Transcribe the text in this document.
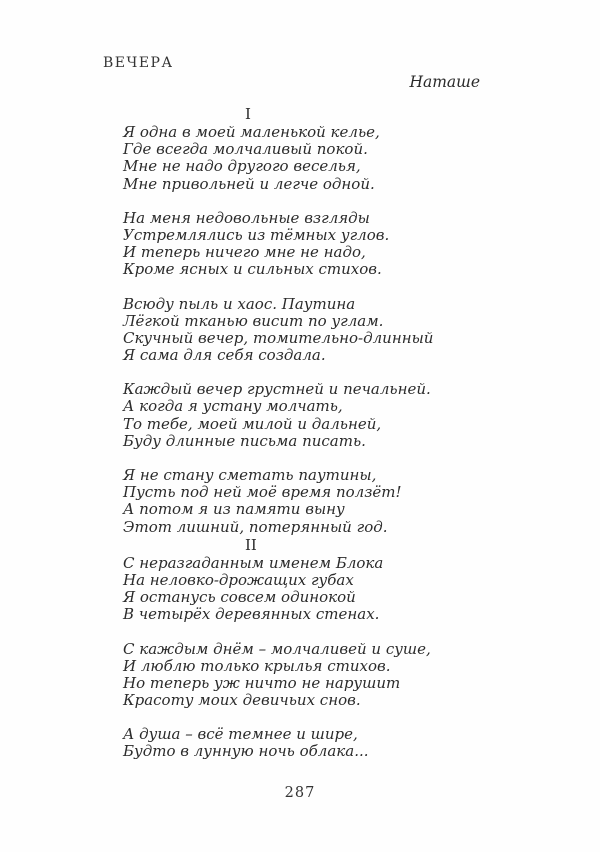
ВЕЧЕРА
Наташе
I
Я одна в моей маленькой келье,
Где всегда молчаливый покой.
Мне не надо другого веселья,
Мне привольней и легче одной.
На меня недовольные взгляды
Устремлялись из тёмных углов.
И теперь ничего мне не надо,
Кроме ясных и сильных стихов.
Всюду пыль и хаос. Паутина
Лёгкой тканью висит по углам.
Скучный вечер, томительно-длинный
Я сама для себя создала.
Каждый вечер грустней и печальней.
А когда я устану молчать,
То тебе, моей милой и дальней,
Буду длинные письма писать.
Я не стану сметать паутины,
Пусть под ней моё время ползёт!
А потом я из памяти выну
Этот лишний, потерянный год.
II
С неразгаданным именем Блока
На неловко-дрожащих губах
Я останусь совсем одинокой
В четырёх деревянных стенах.
С каждым днём – молчаливей и суше,
И люблю только крылья стихов.
Но теперь уж ничто не нарушит
Красоту моих девичьих снов.
А душа – всё темнее и шире,
Будто в лунную ночь облака...
287
